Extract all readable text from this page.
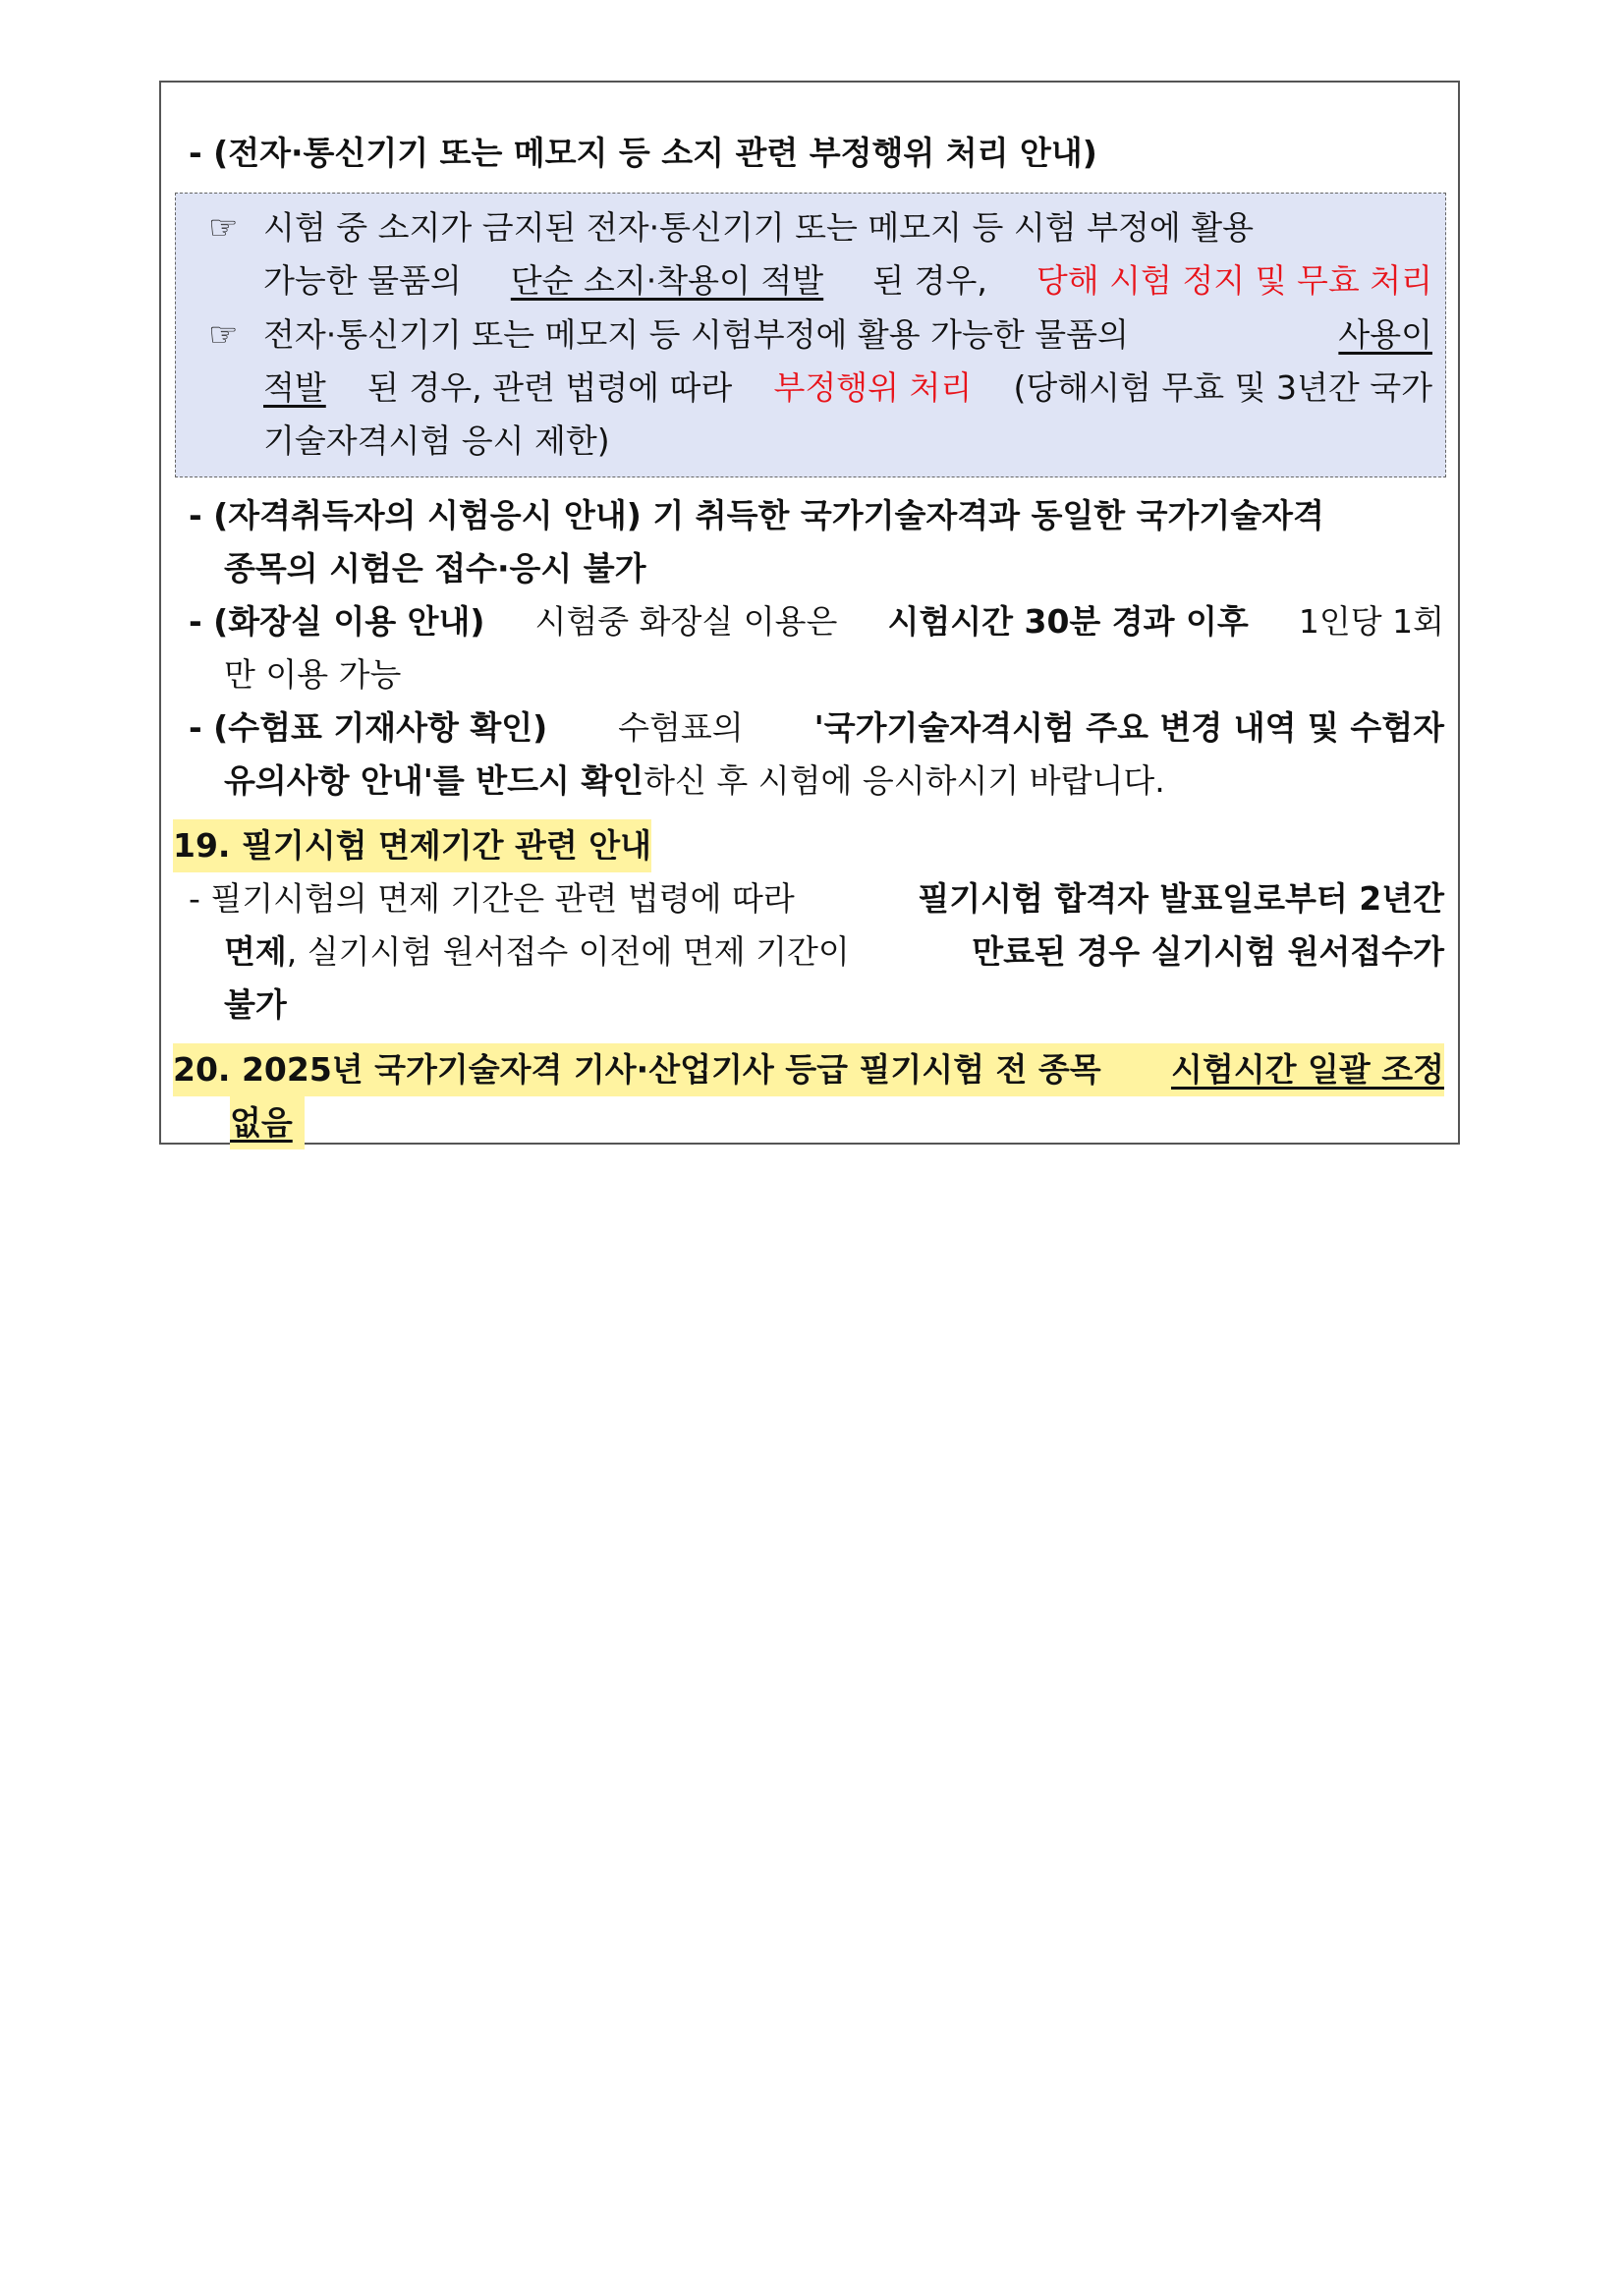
- (전자·통신기기 또는 메모지 등 소지 관련 부정행위 처리 안내)
☞ 시험 중 소지가 금지된 전자·통신기기 또는 메모지 등 시험 부정에 활용
가능한 물품의 단순 소지·착용이 적발 된 경우, 당해 시험 정지 및 무효 처리
☞ 전자·통신기기 또는 메모지 등 시험부정에 활용 가능한 물품의	사용이
적발 된 경우, 관련 법령에 따라 부정행위 처리 (당해시험 무효 및 3년간 국가
기술자격시험 응시 제한)
- (자격취득자의 시험응시 안내) 기 취득한 국가기술자격과 동일한 국가기술자격
종목의 시험은 접수·응시 불가
- (화장실 이용 안내) 시험중 화장실 이용은 시험시간 30분 경과 이후 1인당 1회
만 이용 가능
- (수험표 기재사항 확인) 수험표의 '국가기술자격시험 주요 변경 내역 및 수험자
유의사항 안내'를 반드시 확인 하신 후 시험에 응시하시기 바랍니다.
19. 필기시험 면제기간 관련 안내
- 필기시험의 면제 기간은 관련 법령에 따라	필기시험 합격자 발표일로부터 2년간
면제 , 실기시험 원서접수 이전에 면제 기간이	만료된 경우 실기시험 원서접수가
불가
20. 2025년 국가기술자격 기사·산업기사 등급 필기시험 전 종목 시험시간 일괄 조정
없음
